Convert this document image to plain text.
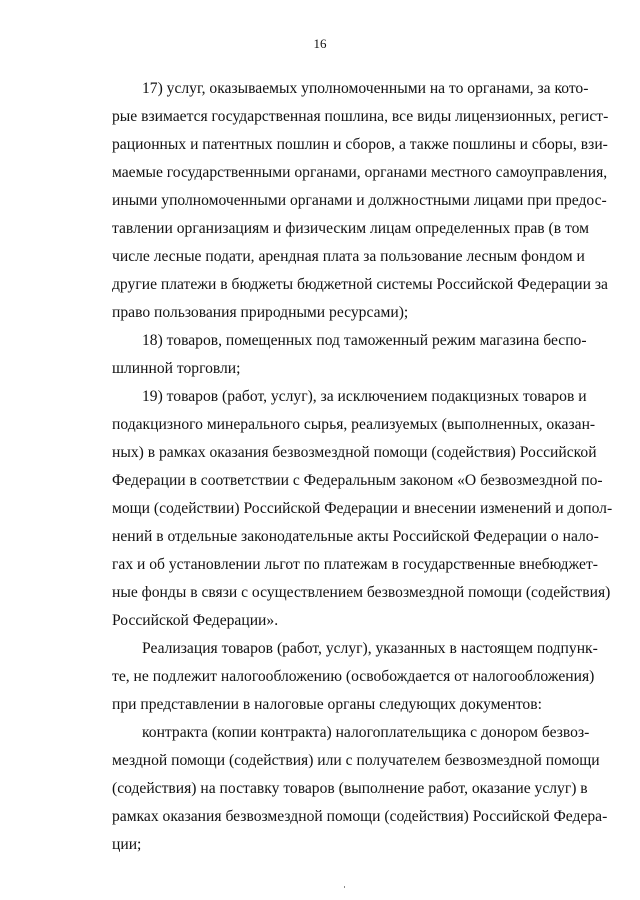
16
17) услуг, оказываемых уполномоченными на то органами, за кото-
рые взимается государственная пошлина, все виды лицензионных, регист-
рационных и патентных пошлин и сборов, а также пошлины и сборы, взи-
маемые государственными органами, органами местного самоуправления,
иными уполномоченными органами и должностными лицами при предос-
тавлении организациям и физическим лицам определенных прав (в том
числе лесные подати, арендная плата за пользование лесным фондом и
другие платежи в бюджеты бюджетной системы Российской Федерации за
право пользования природными ресурсами);
18) товаров, помещенных под таможенный режим магазина беспо-
шлинной торговли;
19) товаров (работ, услуг), за исключением подакцизных товаров и
подакцизного минерального сырья, реализуемых (выполненных, оказан-
ных) в рамках оказания безвозмездной помощи (содействия) Российской
Федерации в соответствии с Федеральным законом «О безвозмездной по-
мощи (содействии) Российской Федерации и внесении изменений и допол-
нений в отдельные законодательные акты Российской Федерации о нало-
гах и об установлении льгот по платежам в государственные внебюджет-
ные фонды в связи с осуществлением безвозмездной помощи (содействия)
Российской Федерации».
Реализация товаров (работ, услуг), указанных в настоящем подпунк-
те, не подлежит налогообложению (освобождается от налогообложения)
при представлении в налоговые органы следующих документов:
контракта (копии контракта) налогоплательщика с донором безвоз-
мездной помощи (содействия) или с получателем безвозмездной помощи
(содействия) на поставку товаров (выполнение работ, оказание услуг) в
рамках оказания безвозмездной помощи (содействия) Российской Федера-
ции;
